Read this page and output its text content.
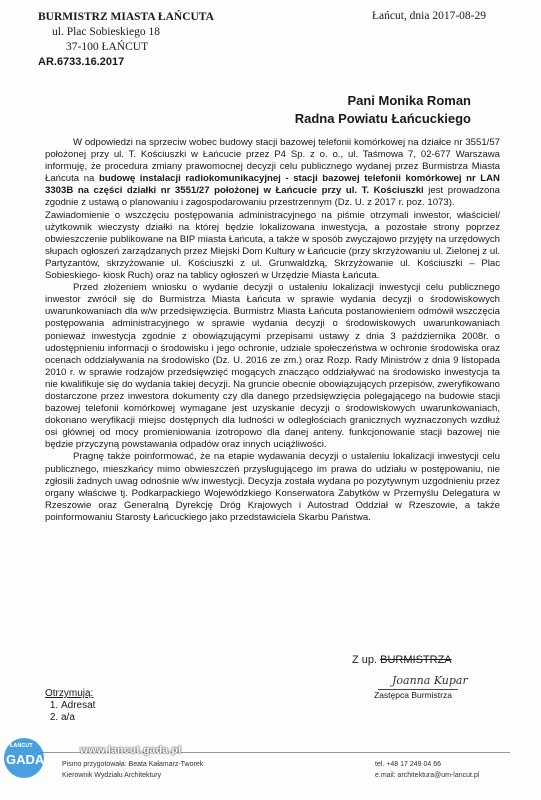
BURMISTRZ MIASTA ŁAŃCUTA
ul. Plac Sobieskiego 18
37-100 ŁAŃCUT
AR.6733.16.2017
Łańcut, dnia 2017-08-29
Pani Monika Roman
Radna Powiatu Łańcuckiego

W odpowiedzi na sprzeciw wobec budowy stacji bazowej telefonii komórkowej na działce nr 3551/57 położonej przy ul. T. Kościuszki w Łańcucie przez P4 Sp. z o. o., ul. Taśmowa 7, 02-677 Warszawa informuję, że procedura zmiany prawomocnej decyzji celu publicznego wydanej przez Burmistrza Miasta Łańcuta na budowę instalacji radiokomunikacyjnej - stacji bazowej telefonii komórkowej nr LAN 3303B na części działki nr 3551/27 położonej w Łańcucie przy ul. T. Kościuszki jest prowadzona zgodnie z ustawą o planowaniu i zagospodarowaniu przestrzennym (Dz. U. z 2017 r. poz. 1073).

Zawiadomienie o wszczęciu postępowania administracyjnego na piśmie otrzymali inwestor, właściciel/ użytkownik wieczysty działki na której będzie lokalizowana inwestycja, a pozostałe strony poprzez obwieszczenie publikowane na BIP miasta Łańcuta, a także w sposób zwyczajowo przyjęty na urzędowych słupach ogłoszeń zarządzanych przez Miejski Dom Kultury w Łańcucie (przy skrzyżowaniu ul. Zielonej z ul. Partyzantów, skrzyżowanie ul. Kościuszki z ul. Grunwaldzką, Skrzyżowanie ul. Kościuszki – Plac Sobieskiego- kiosk Ruch) oraz na tablicy ogłoszeń w Urzędzie Miasta Łańcuta.

Przed złożeniem wniosku o wydanie decyzji o ustaleniu lokalizacji inwestycji celu publicznego inwestor zwrócił się do Burmistrza Miasta Łańcuta w sprawie wydania decyzji o środowiskowych uwarunkowaniach dla w/w przedsięwzięcia. Burmistrz Miasta Łańcuta postanowieniem odmówił wszczęcia postępowania administracyjnego w sprawie wydania decyzji o środowiskowych uwarunkowaniach ponieważ inwestycja zgodnie z obowiązującymi przepisami ustawy z dnia 3 października 2008r. o udostępnieniu informacji o środowisku i jego ochronie, udziale społeczeństwa w ochronie środowiska oraz ocenach oddziaływania na środowisko (Dz. U. 2016 ze zm.) oraz Rozp. Rady Ministrów z dnia 9 listopada 2010 r. w sprawie rodzajów przedsięwzięć mogących znacząco oddziaływać na środowisko inwestycja ta nie kwalifikuje się do wydania takiej decyzji. Na gruncie obecnie obowiązujących przepisów, zweryfikowano dostarczone przez inwestora dokumenty czy dla danego przedsięwzięcia polegającego na budowie stacji bazowej telefonii komórkowej wymagane jest uzyskanie decyzji o środowiskowych uwarunkowaniach, dokonano weryfikacji miejsc dostępnych dla ludności w odległościach granicznych wyznaczonych wzdłuż osi głównej od mocy promieniowania izotropowo dla danej anteny. funkcjonowanie stacji bazowej nie będzie przyczyną powstawania odpadów oraz innych uciążliwości.

Pragnę także poinformować, że na etapie wydawania decyzji o ustaleniu lokalizacji inwestycji celu publicznego, mieszkańcy mimo obwieszczeń przysługującego im prawa do udziału w postępowaniu, nie zgłosili żadnych uwag odnośnie w/w inwestycji. Decyzja została wydana po pozytywnym uzgodnieniu przez organy właściwe tj. Podkarpackiego Wojewódzkiego Konserwatora Zabytków w Przemyślu Delegatura w Rzeszowie oraz Generalną Dyrekcję Dróg Krajowych i Autostrad Oddział w Rzeszowie, a także poinformowaniu Starosty Łańcuckiego jako przedstawiciela Skarbu Państwa.

Z up. BURMISTRZA
Joanna Kupar
Zastępca Burmistrza
Otrzymują:
1. Adresat
2. a/a
Pismo przygotowała: Beata Kałamarz-Tworek
Kierownik Wydziału Architektury
tel. +48 17 249 04 66
e.mail: architektura@um-lancut.pl
ŁAŃCUT
GADA
www.lancut.gada.pl
